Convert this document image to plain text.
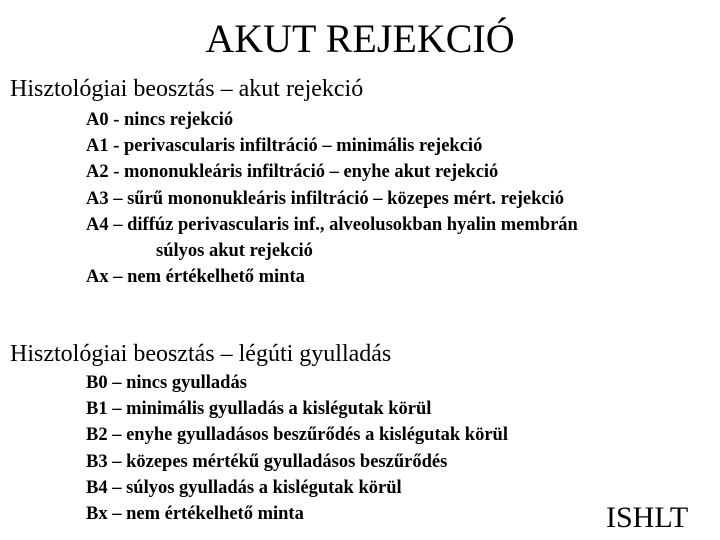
AKUT REJEKCIÓ
Hisztológiai beosztás – akut rejekció
A0 - nincs rejekció
A1 - perivascularis infiltráció – minimális rejekció
A2 - mononukleáris infiltráció – enyhe akut rejekció
A3 – sűrű mononukleáris infiltráció – közepes mért. rejekció
A4 – diffúz perivascularis inf., alveolusokban hyalin membrán
súlyos akut rejekció
Ax – nem értékelhető minta
Hisztológiai beosztás – légúti gyulladás
B0 – nincs gyulladás
B1 – minimális gyulladás a kislégutak körül
B2 – enyhe gyulladásos beszűrődés a kislégutak körül
B3 – közepes mértékű gyulladásos beszűrődés
B4 – súlyos gyulladás a kislégutak körül
Bx – nem értékelhető minta	ISHLT
